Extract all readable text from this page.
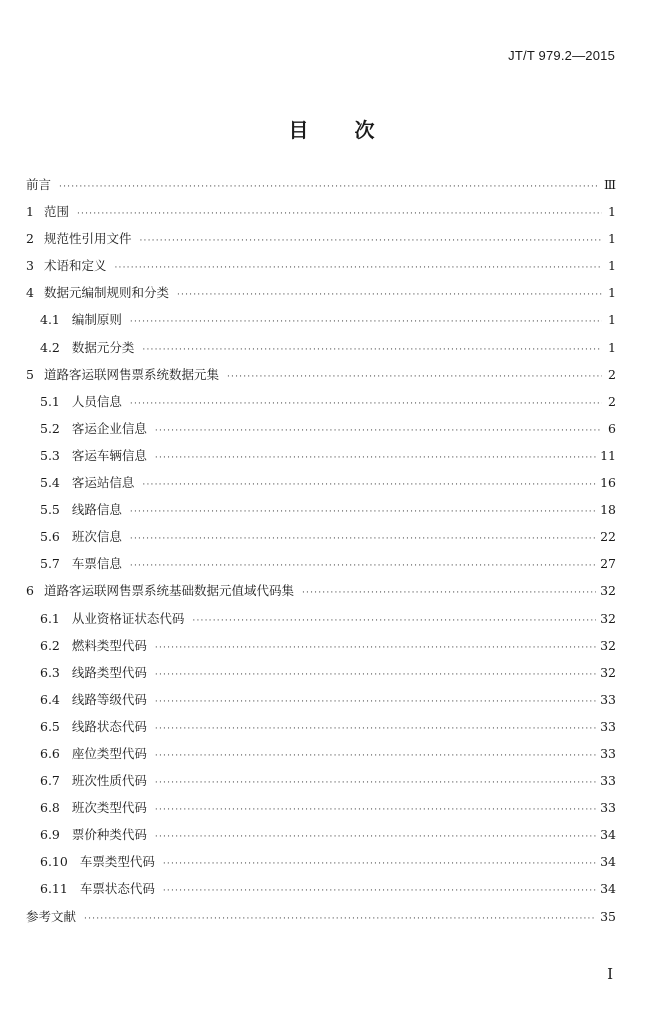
JT/T 979.2—2015
目次
前言 ·····	Ⅲ
1 范围 ·····	1
2 规范性引用文件 ·····	1
3 术语和定义 ·····	1
4 数据元编制规则和分类 ·····	1
4.1 编制原则 ·····	1
4.2 数据元分类 ·····	1
5 道路客运联网售票系统数据元集 ·····	2
5.1 人员信息 ·····	2
5.2 客运企业信息 ·····	6
5.3 客运车辆信息 ·····	11
5.4 客运站信息 ·····	16
5.5 线路信息 ·····	18
5.6 班次信息 ·····	22
5.7 车票信息 ·····	27
6 道路客运联网售票系统基础数据元值域代码集 ·····	32
6.1 从业资格证状态代码 ·····	32
6.2 燃料类型代码 ·····	32
6.3 线路类型代码 ·····	32
6.4 线路等级代码 ·····	33
6.5 线路状态代码 ·····	33
6.6 座位类型代码 ·····	33
6.7 班次性质代码 ·····	33
6.8 班次类型代码 ·····	33
6.9 票价种类代码 ·····	34
6.10 车票类型代码 ·····	34
6.11 车票状态代码 ·····	34
参考文献 ·····	35
I
